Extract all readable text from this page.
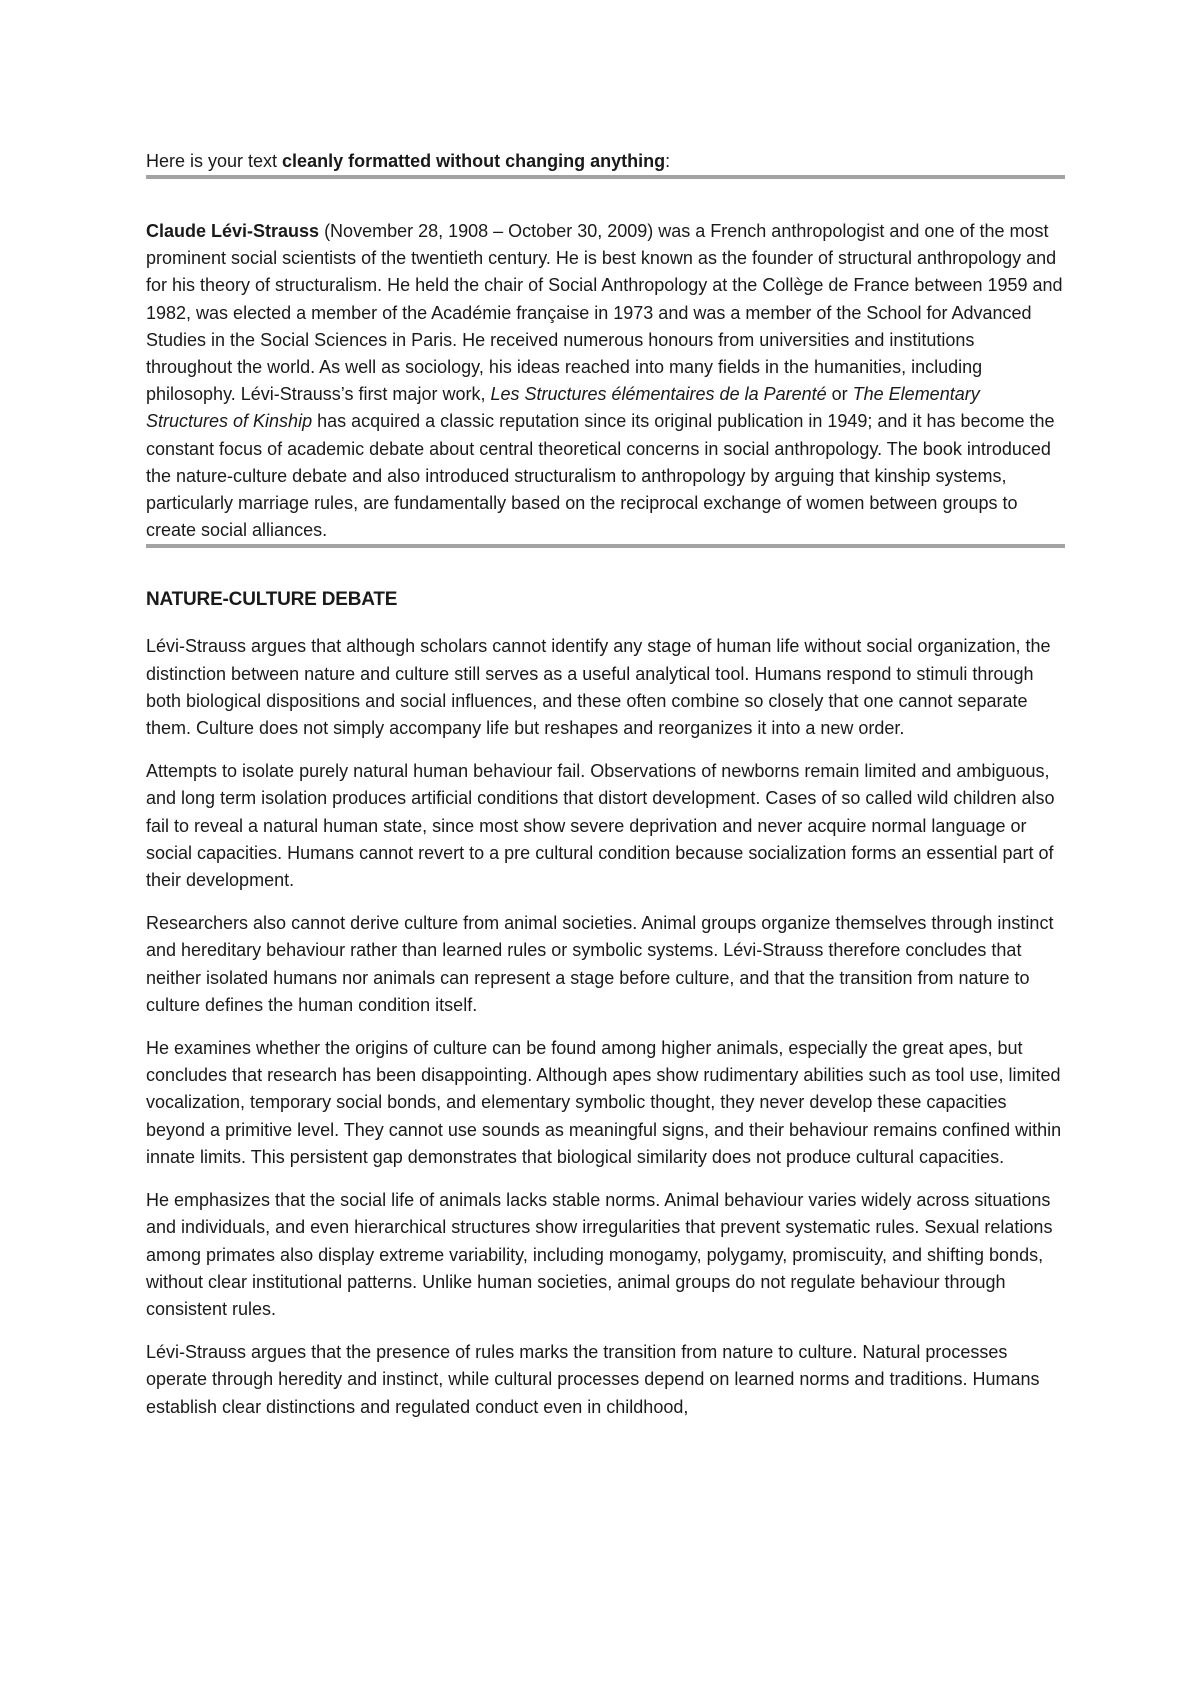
Here is your text cleanly formatted without changing anything:

Claude Lévi-Strauss (November 28, 1908 – October 30, 2009) was a French anthropologist and one of the most prominent social scientists of the twentieth century. He is best known as the founder of structural anthropology and for his theory of structuralism. He held the chair of Social Anthropology at the Collège de France between 1959 and 1982, was elected a member of the Académie française in 1973 and was a member of the School for Advanced Studies in the Social Sciences in Paris. He received numerous honours from universities and institutions throughout the world. As well as sociology, his ideas reached into many fields in the humanities, including philosophy. Lévi-Strauss’s first major work, Les Structures élémentaires de la Parenté or The Elementary Structures of Kinship has acquired a classic reputation since its original publication in 1949; and it has become the constant focus of academic debate about central theoretical concerns in social anthropology. The book introduced the nature-culture debate and also introduced structuralism to anthropology by arguing that kinship systems, particularly marriage rules, are fundamentally based on the reciprocal exchange of women between groups to create social alliances.

NATURE-CULTURE DEBATE

Lévi-Strauss argues that although scholars cannot identify any stage of human life without social organization, the distinction between nature and culture still serves as a useful analytical tool. Humans respond to stimuli through both biological dispositions and social influences, and these often combine so closely that one cannot separate them. Culture does not simply accompany life but reshapes and reorganizes it into a new order.

Attempts to isolate purely natural human behaviour fail. Observations of newborns remain limited and ambiguous, and long term isolation produces artificial conditions that distort development. Cases of so called wild children also fail to reveal a natural human state, since most show severe deprivation and never acquire normal language or social capacities. Humans cannot revert to a pre cultural condition because socialization forms an essential part of their development.

Researchers also cannot derive culture from animal societies. Animal groups organize themselves through instinct and hereditary behaviour rather than learned rules or symbolic systems. Lévi-Strauss therefore concludes that neither isolated humans nor animals can represent a stage before culture, and that the transition from nature to culture defines the human condition itself.

He examines whether the origins of culture can be found among higher animals, especially the great apes, but concludes that research has been disappointing. Although apes show rudimentary abilities such as tool use, limited vocalization, temporary social bonds, and elementary symbolic thought, they never develop these capacities beyond a primitive level. They cannot use sounds as meaningful signs, and their behaviour remains confined within innate limits. This persistent gap demonstrates that biological similarity does not produce cultural capacities.

He emphasizes that the social life of animals lacks stable norms. Animal behaviour varies widely across situations and individuals, and even hierarchical structures show irregularities that prevent systematic rules. Sexual relations among primates also display extreme variability, including monogamy, polygamy, promiscuity, and shifting bonds, without clear institutional patterns. Unlike human societies, animal groups do not regulate behaviour through consistent rules.

Lévi-Strauss argues that the presence of rules marks the transition from nature to culture. Natural processes operate through heredity and instinct, while cultural processes depend on learned norms and traditions. Humans establish clear distinctions and regulated conduct even in childhood,
